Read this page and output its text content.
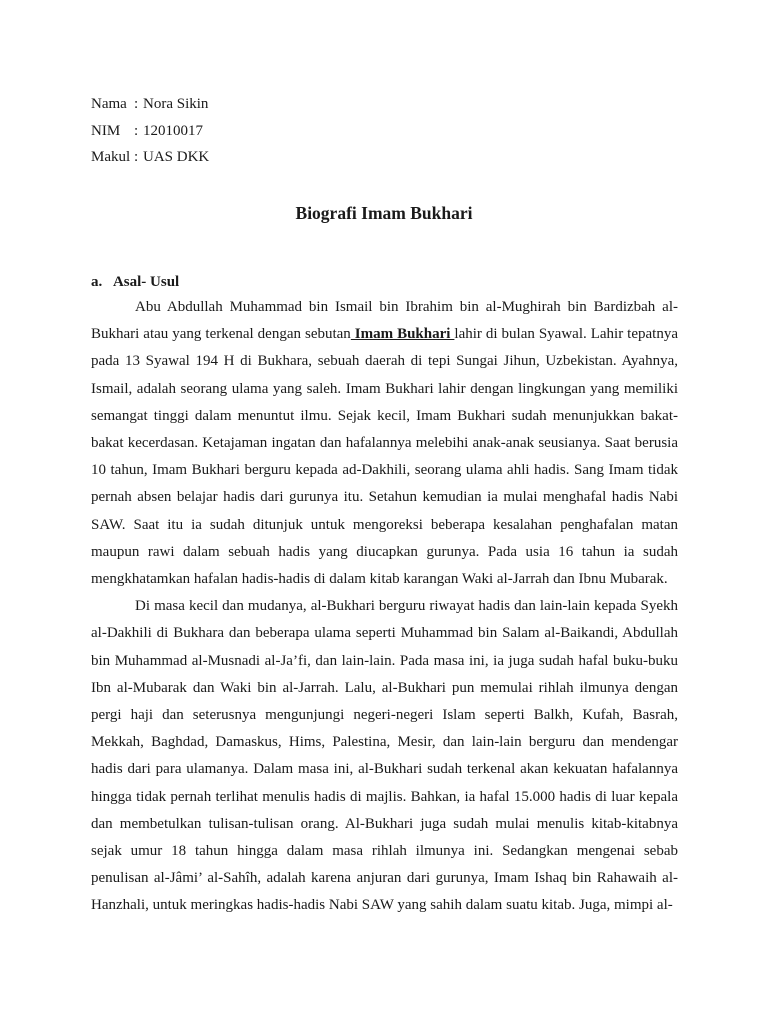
Nama : Nora Sikin
NIM : 12010017
Makul : UAS DKK
Biografi Imam Bukhari
a. Asal- Usul

Abu Abdullah Muhammad bin Ismail bin Ibrahim bin al-Mughirah bin Bardizbah al-Bukhari atau yang terkenal dengan sebutan Imam Bukhari lahir di bulan Syawal. Lahir tepatnya pada 13 Syawal 194 H di Bukhara, sebuah daerah di tepi Sungai Jihun, Uzbekistan. Ayahnya, Ismail, adalah seorang ulama yang saleh. Imam Bukhari lahir dengan lingkungan yang memiliki semangat tinggi dalam menuntut ilmu. Sejak kecil, Imam Bukhari sudah menunjukkan bakat-bakat kecerdasan. Ketajaman ingatan dan hafalannya melebihi anak-anak seusianya. Saat berusia 10 tahun, Imam Bukhari berguru kepada ad-Dakhili, seorang ulama ahli hadis. Sang Imam tidak pernah absen belajar hadis dari gurunya itu. Setahun kemudian ia mulai menghafal hadis Nabi SAW. Saat itu ia sudah ditunjuk untuk mengoreksi beberapa kesalahan penghafalan matan maupun rawi dalam sebuah hadis yang diucapkan gurunya. Pada usia 16 tahun ia sudah mengkhatamkan hafalan hadis-hadis di dalam kitab karangan Waki al-Jarrah dan Ibnu Mubarak.

Di masa kecil dan mudanya, al-Bukhari berguru riwayat hadis dan lain-lain kepada Syekh al-Dakhili di Bukhara dan beberapa ulama seperti Muhammad bin Salam al-Baikandi, Abdullah bin Muhammad al-Musnadi al-Ja’fi, dan lain-lain. Pada masa ini, ia juga sudah hafal buku-buku Ibn al-Mubarak dan Waki bin al-Jarrah. Lalu, al-Bukhari pun memulai rihlah ilmunya dengan pergi haji dan seterusnya mengunjungi negeri-negeri Islam seperti Balkh, Kufah, Basrah, Mekkah, Baghdad, Damaskus, Hims, Palestina, Mesir, dan lain-lain berguru dan mendengar hadis dari para ulamanya. Dalam masa ini, al-Bukhari sudah terkenal akan kekuatan hafalannya hingga tidak pernah terlihat menulis hadis di majlis. Bahkan, ia hafal 15.000 hadis di luar kepala dan membetulkan tulisan-tulisan orang. Al-Bukhari juga sudah mulai menulis kitab-kitabnya sejak umur 18 tahun hingga dalam masa rihlah ilmunya ini. Sedangkan mengenai sebab penulisan al-Jâmi’ al-Sahîh, adalah karena anjuran dari gurunya, Imam Ishaq bin Rahawaih al-Hanzhali, untuk meringkas hadis-hadis Nabi SAW yang sahih dalam suatu kitab. Juga, mimpi al-
